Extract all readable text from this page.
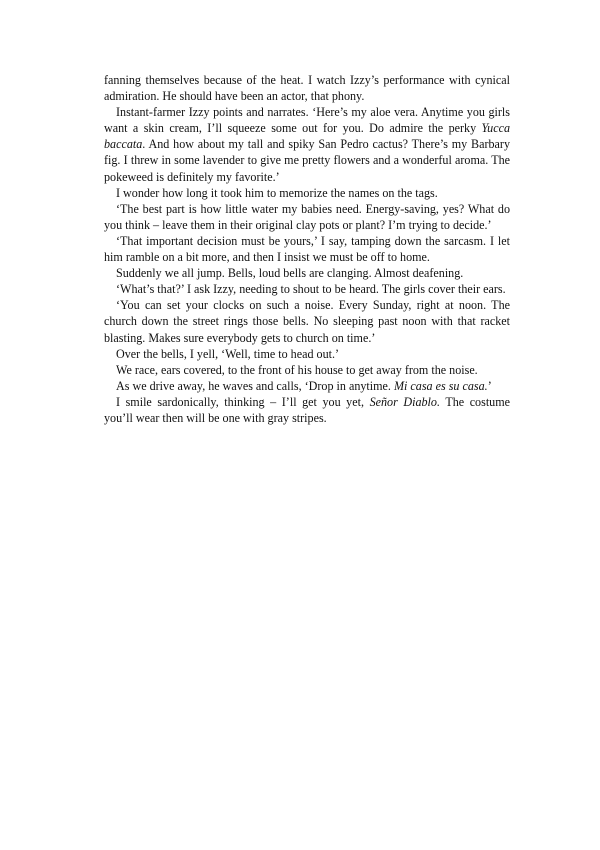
fanning themselves because of the heat. I watch Izzy’s performance with cynical admiration. He should have been an actor, that phony.

Instant-farmer Izzy points and narrates. ‘Here’s my aloe vera. Anytime you girls want a skin cream, I’ll squeeze some out for you. Do admire the perky Yucca baccata. And how about my tall and spiky San Pedro cactus? There’s my Barbary fig. I threw in some lavender to give me pretty flowers and a wonderful aroma. The pokeweed is definitely my favorite.’

I wonder how long it took him to memorize the names on the tags.

‘The best part is how little water my babies need. Energy-saving, yes? What do you think – leave them in their original clay pots or plant? I’m trying to decide.’

‘That important decision must be yours,’ I say, tamping down the sarcasm. I let him ramble on a bit more, and then I insist we must be off to home.

Suddenly we all jump. Bells, loud bells are clanging. Almost deafening.

‘What’s that?’ I ask Izzy, needing to shout to be heard. The girls cover their ears.

‘You can set your clocks on such a noise. Every Sunday, right at noon. The church down the street rings those bells. No sleeping past noon with that racket blasting. Makes sure everybody gets to church on time.’

Over the bells, I yell, ‘Well, time to head out.’

We race, ears covered, to the front of his house to get away from the noise.

As we drive away, he waves and calls, ‘Drop in anytime. Mi casa es su casa.’

I smile sardonically, thinking – I’ll get you yet, Señor Diablo. The costume you’ll wear then will be one with gray stripes.
